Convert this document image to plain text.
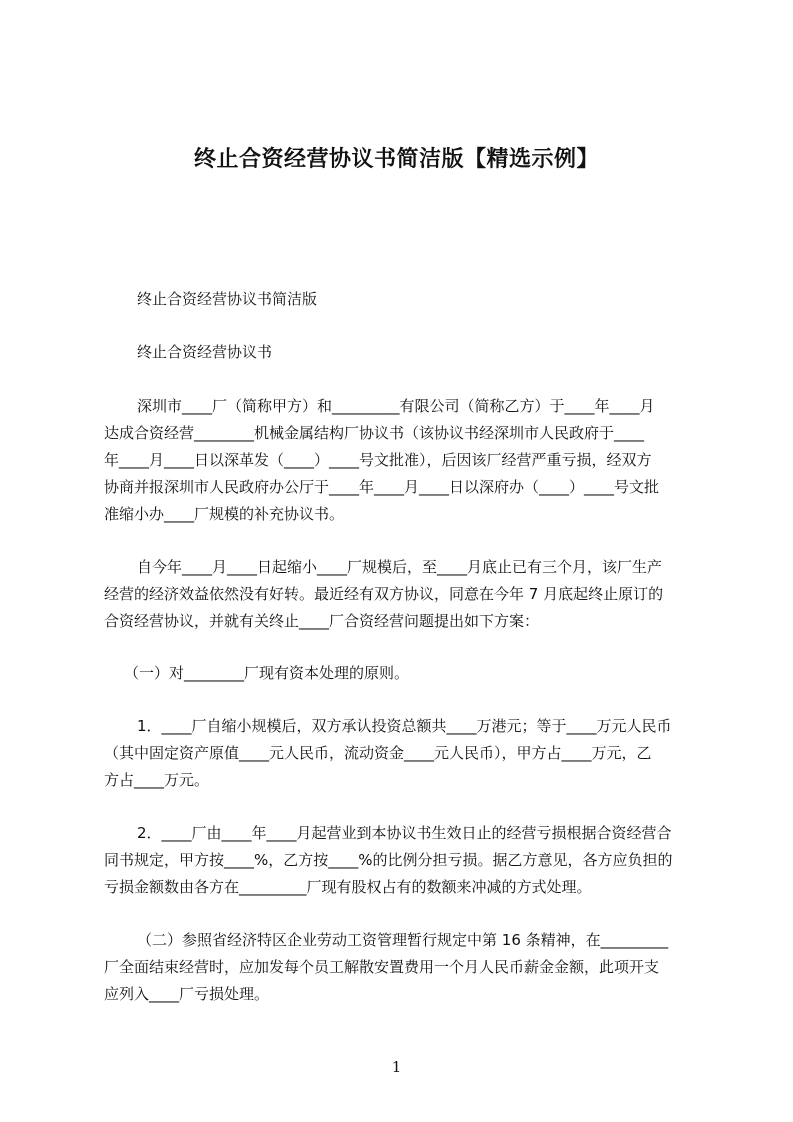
终止合资经营协议书简洁版【精选示例】
终止合资经营协议书简洁版
终止合资经营协议书
深圳市____厂（简称甲方）和_________有限公司（简称乙方）于____年____月
达成合资经营________机械金属结构厂协议书（该协议书经深圳市人民政府于____
年____月____日以深革发（____）____号文批准），后因该厂经营严重亏损，经双方
协商并报深圳市人民政府办公厅于____年____月____日以深府办（____）____号文批
准缩小办____厂规模的补充协议书。
自今年____月____日起缩小____厂规模后，至____月底止已有三个月，该厂生产
经营的经济效益依然没有好转。最近经有双方协议，同意在今年 7 月底起终止原订的
合资经营协议，并就有关终止____厂合资经营问题提出如下方案：
（一）对________厂现有资本处理的原则。
1．____厂自缩小规模后，双方承认投资总额共____万港元；等于____万元人民币
（其中固定资产原值____元人民币，流动资金____元人民币），甲方占____万元，乙
方占____万元。
2．____厂由____年____月起营业到本协议书生效日止的经营亏损根据合资经营合
同书规定，甲方按____%，乙方按____%的比例分担亏损。据乙方意见，各方应负担的
亏损金额数由各方在_________厂现有股权占有的数额来冲减的方式处理。
（二）参照省经济特区企业劳动工资管理暂行规定中第 16 条精神，在_________
厂全面结束经营时，应加发每个员工解散安置费用一个月人民币薪金金额，此项开支
应列入____厂亏损处理。
1
